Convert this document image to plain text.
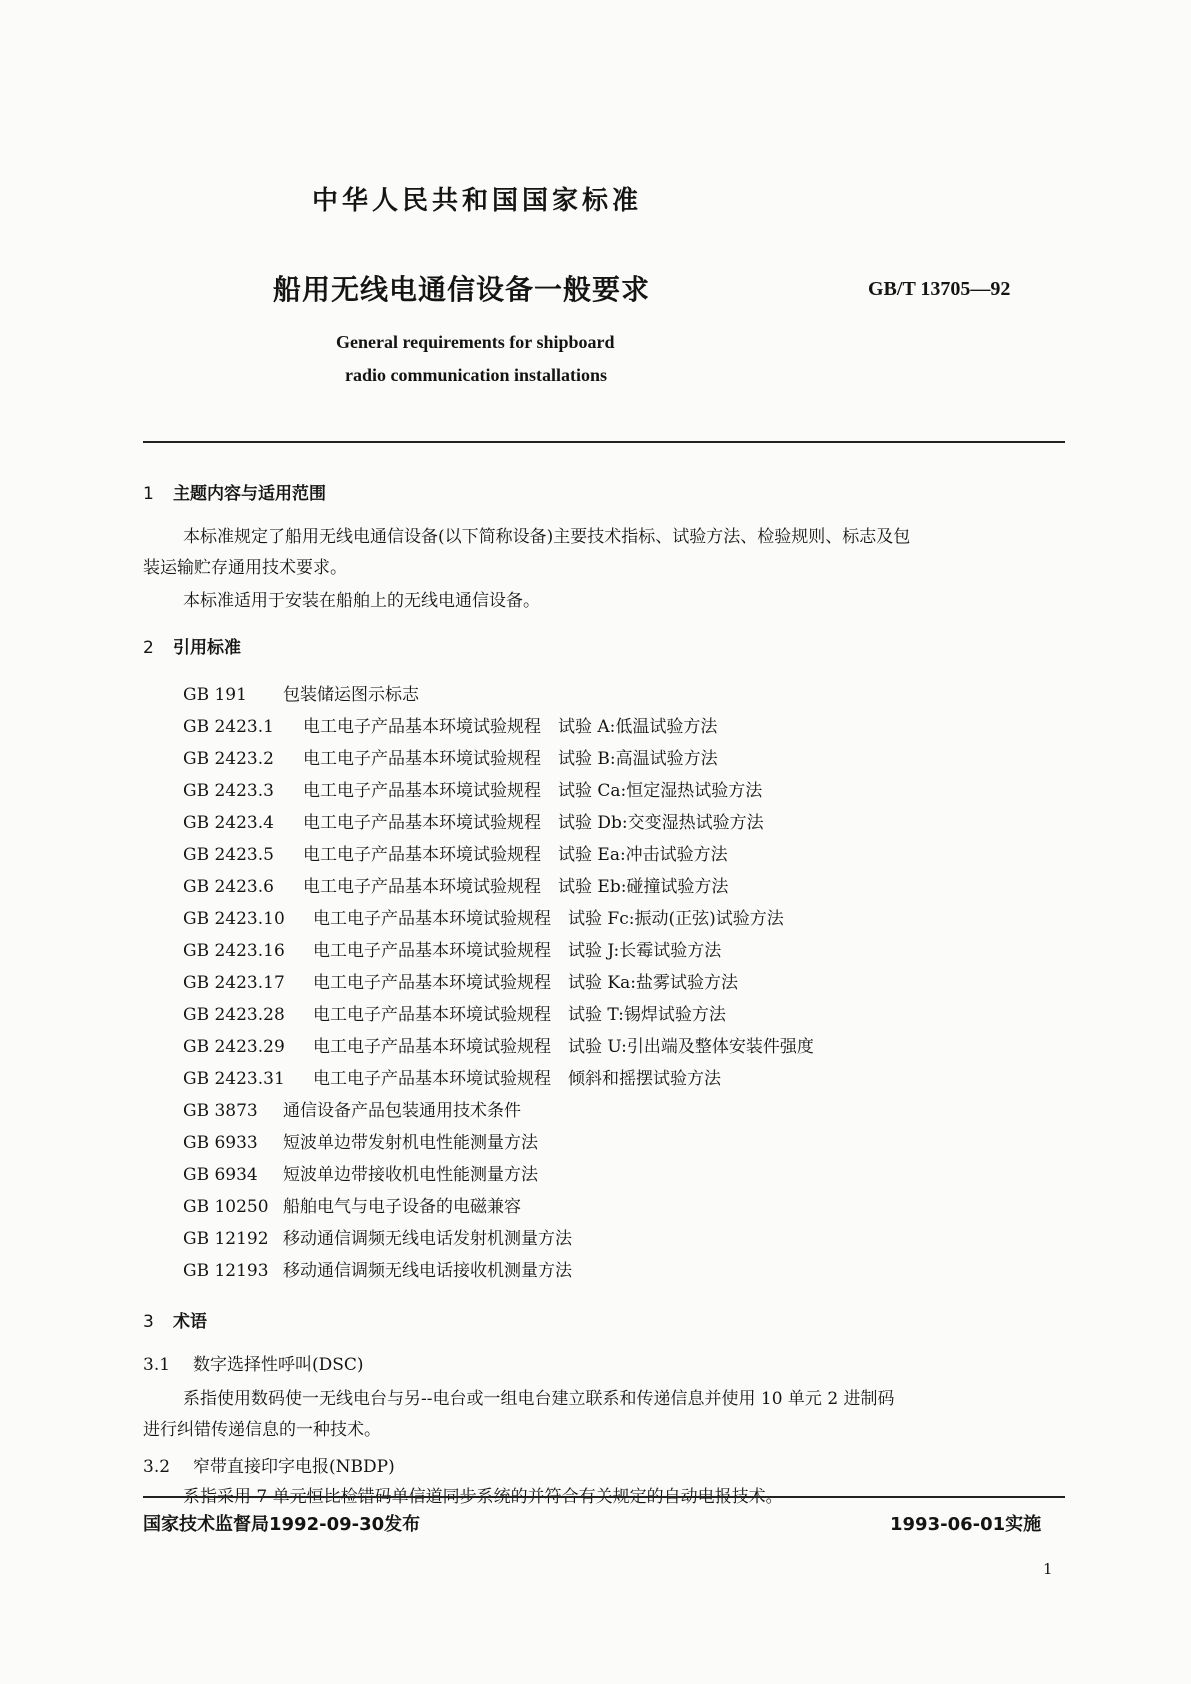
中华人民共和国国家标准
船用无线电通信设备一般要求	GB/T 13705—92
General requirements for shipboard
radio communication installations
1 主题内容与适用范围
本标准规定了船用无线电通信设备(以下简称设备)主要技术指标、试验方法、检验规则、标志及包
装运输贮存通用技术要求。
本标准适用于安装在船舶上的无线电通信设备。
2 引用标准
GB 191 包装储运图示标志
GB 2423.1 电工电子产品基本环境试验规程　试验 A:低温试验方法
GB 2423.2 电工电子产品基本环境试验规程　试验 B:高温试验方法
GB 2423.3 电工电子产品基本环境试验规程　试验 Ca:恒定湿热试验方法
GB 2423.4 电工电子产品基本环境试验规程　试验 Db:交变湿热试验方法
GB 2423.5 电工电子产品基本环境试验规程　试验 Ea:冲击试验方法
GB 2423.6 电工电子产品基本环境试验规程　试验 Eb:碰撞试验方法
GB 2423.10 电工电子产品基本环境试验规程　试验 Fc:振动(正弦)试验方法
GB 2423.16 电工电子产品基本环境试验规程　试验 J:长霉试验方法
GB 2423.17 电工电子产品基本环境试验规程　试验 Ka:盐雾试验方法
GB 2423.28 电工电子产品基本环境试验规程　试验 T:锡焊试验方法
GB 2423.29 电工电子产品基本环境试验规程　试验 U:引出端及整体安装件强度
GB 2423.31 电工电子产品基本环境试验规程　倾斜和摇摆试验方法
GB 3873 通信设备产品包装通用技术条件
GB 6933 短波单边带发射机电性能测量方法
GB 6934 短波单边带接收机电性能测量方法
GB 10250 船舶电气与电子设备的电磁兼容
GB 12192 移动通信调频无线电话发射机测量方法
GB 12193 移动通信调频无线电话接收机测量方法
3 术语
3.1 数字选择性呼叫(DSC)
系指使用数码使一无线电台与另--电台或一组电台建立联系和传递信息并使用 10 单元 2 进制码
进行纠错传递信息的一种技术。
3.2 窄带直接印字电报(NBDP)
系指采用 7 单元恒比检错码单信道同步系统的并符合有关规定的自动电报技术。
国家技术监督局1992-09-30发布	1993-06-01实施
1
